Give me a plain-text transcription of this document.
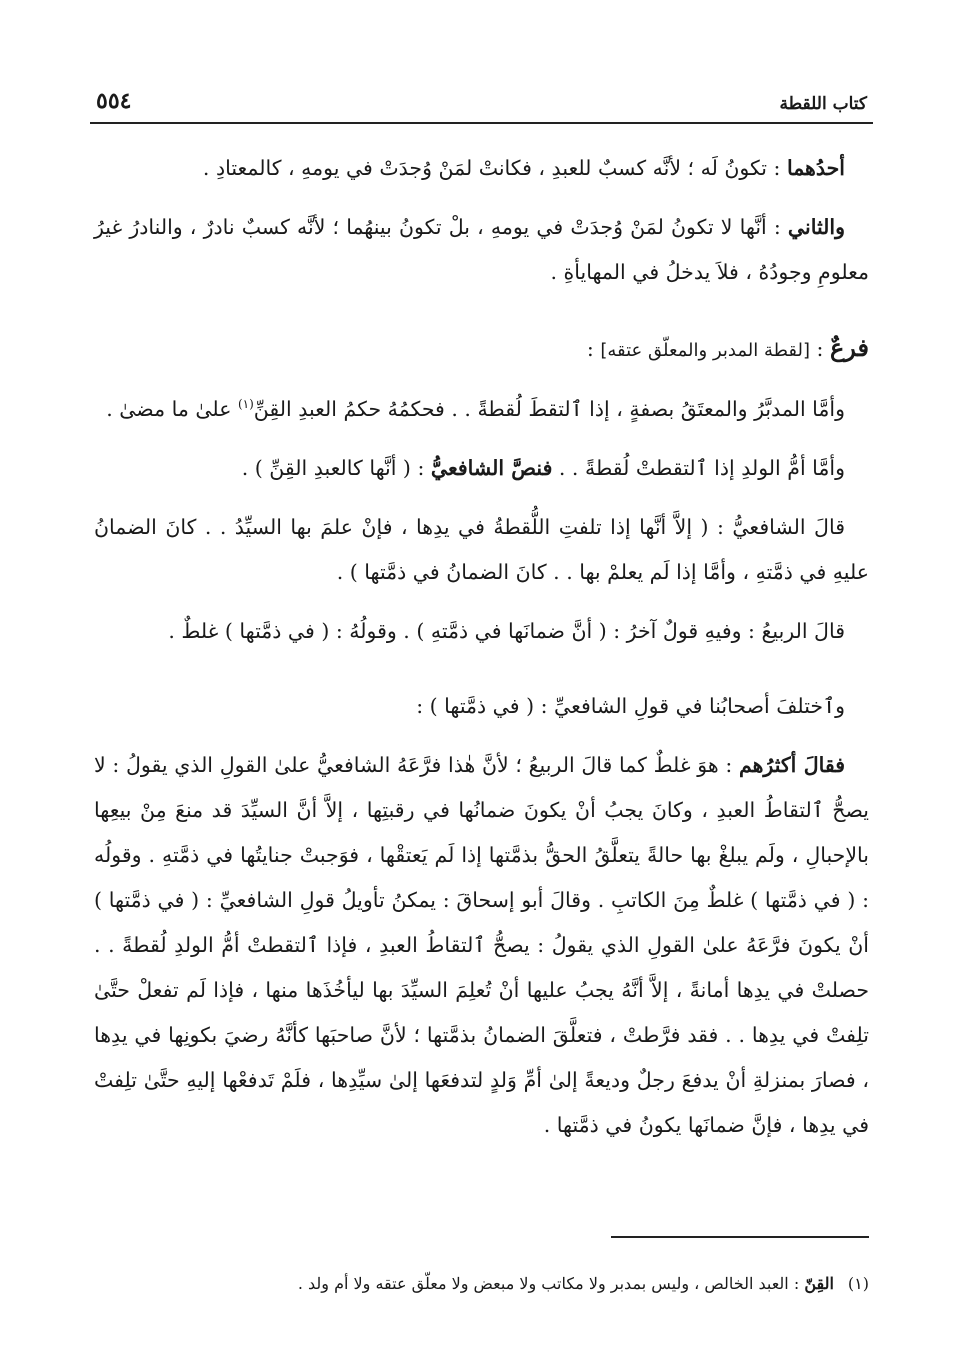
كتاب اللقطة
٥٥٤

أحدُهما : تكونُ لَه ؛ لأنَّه كسبٌ للعبدِ ، فكانتْ لمَنْ وُجدَتْ في يومهِ ، كالمعتادِ .

والثاني : أنَّها لا تكونُ لمَنْ وُجدَتْ في يومهِ ، بلْ تكونُ بينهُما ؛ لأنَّه كسبٌ نادرٌ ، والنادرُ غيرُ معلومِ وجودُهُ ، فلاَ يدخلُ في المهايأةِ .

فرعٌ : [لقطة المدبر والمعلّق عتقه] :

وأمَّا المدبَّرُ والمعتَقُ بصفةٍ ، إذا ٱلتقطَ لُقطةً . . فحكمُهُ حكمُ العبدِ القِنِّ$^{(١)}$ علىٰ ما مضىٰ .

وأمَّا أمُّ الولدِ إذا ٱلتقطتْ لُقطةً . . فنصَّ الشافعيُّ : ( أنَّها كالعبدِ القِنِّ ) .

قالَ الشافعيُّ : ( إلاَّ أنَّها إذا تلفتِ اللُّقطةُ في يدِها ، فإنْ علمَ بها السيِّدُ . . كانَ الضمانُ عليهِ في ذمَّتهِ ، وأمَّا إذا لَم يعلمْ بها . . كانَ الضمانُ في ذمَّتها ) .

قالَ الربيعُ : وفيهِ قولٌ آخرُ : ( أنَّ ضمانَها في ذمَّتهِ ) . وقولُهُ : ( في ذمَّتها ) غلطٌ .

وٱختلفَ أصحابُنا في قولِ الشافعيِّ : ( في ذمَّتها ) :

فقالَ أكثرُهم : هوَ غلطٌ كما قالَ الربيعُ ؛ لأنَّ هٰذا فرَّعَهُ الشافعيُّ علىٰ القولِ الذي يقولُ : لا يصحُّ ٱلتقاطُ العبدِ ، وكانَ يجبُ أنْ يكونَ ضمانُها في رقبتِها ، إلاَّ أنَّ السيِّدَ قد منعَ مِنْ بيعِها بالإحبالِ ، ولَم يبلغْ بها حالةً يتعلَّقُ الحقُّ بذمَّتها إذا لَم يَعتقْها ، فوَجبتْ جنايتُها في ذمَّتهِ . وقولُه : ( في ذمَّتها ) غلطٌ مِنَ الكاتبِ . وقالَ أبو إسحاقَ : يمكنُ تأويلُ قولِ الشافعيِّ : ( في ذمَّتها ) أنْ يكونَ فرَّعَهُ علىٰ القولِ الذي يقولُ : يصحُّ ٱلتقاطُ العبدِ ، فإذا ٱلتقطتْ أمُّ الولدِ لُقطةً . . حصلتْ في يدِها أمانةً ، إلاَّ أنَّهُ يجبُ عليها أنْ تُعلِمَ السيِّدَ بها ليأخُذَها منها ، فإذا لَم تفعلْ حتَّىٰ تلِفتْ في يدِها . . فقد فرَّطتْ ، فتعلَّقَ الضمانُ بذمَّتها ؛ لأنَّ صاحبَها كأنَّهُ رضيَ بكونِها في يدِها ، فصارَ بمنزلةِ أنْ يدفعَ رجلٌ وديعةً إلىٰ أمِّ وَلدٍ لتدفعَها إلىٰ سيِّدِها ، فلَمْ تَدفعْها إليهِ حتَّىٰ تلِفتْ في يدِها ، فإنَّ ضمانَها يكونُ في ذمَّتها .

(١)القِنّ : العبد الخالص ، وليس بمدبر ولا مكاتب ولا مبعض ولا معلّق عتقه ولا أم ولد .
